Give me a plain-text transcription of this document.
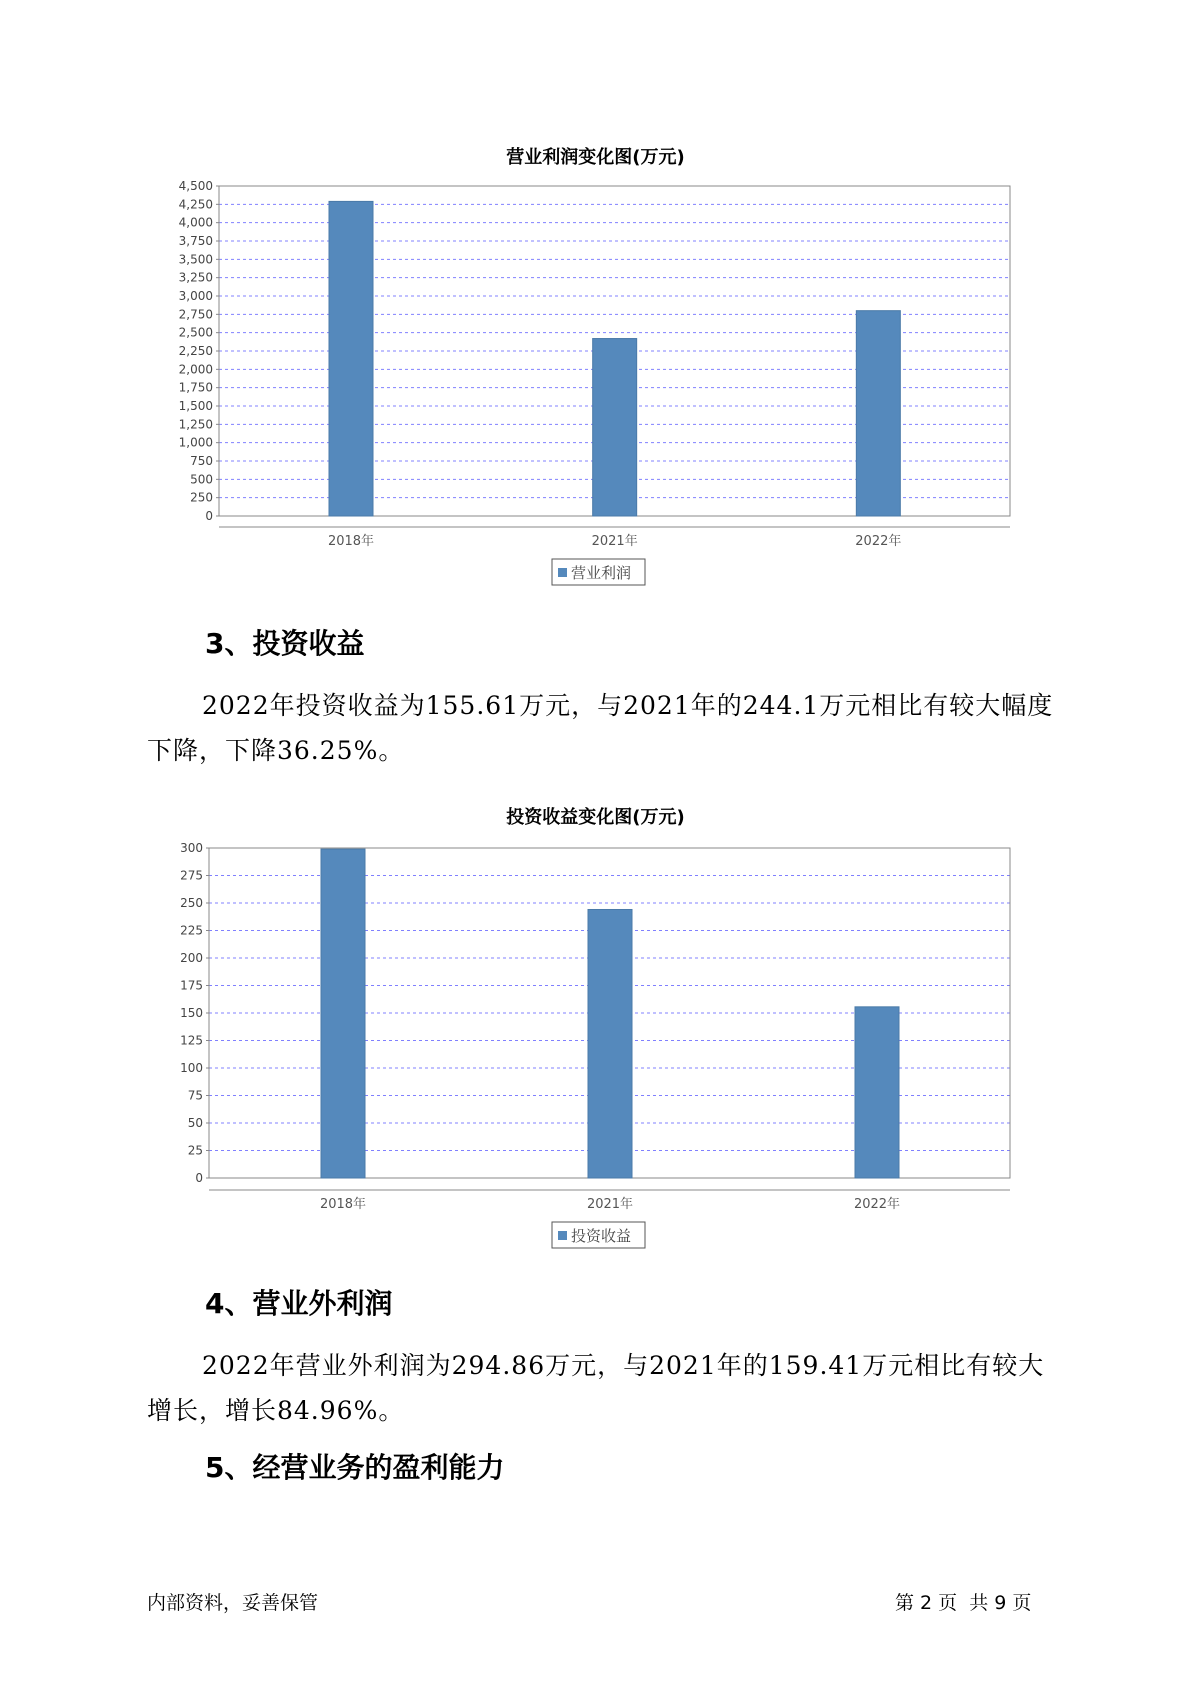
营业利润变化图(万元)
0
250
500
750
1,000
1,250
1,500
1,750
2,000
2,250
2,500
2,750
3,000
3,250
3,500
3,750
4,000
4,250
4,500
2018年	2021年	2022年
营业利润
3、投资收益
2022年投资收益为155.61万元，与2021年的244.1万元相比有较大幅度下降，下降36.25%。
投资收益变化图(万元)
0
25
50
75
100
125
150
175
200
225
250
275
300
2018年	2021年	2022年
投资收益
4、营业外利润
2022年营业外利润为294.86万元，与2021年的159.41万元相比有较大增长，增长84.96%。
5、经营业务的盈利能力
内部资料，妥善保管	第 2 页  共 9 页
